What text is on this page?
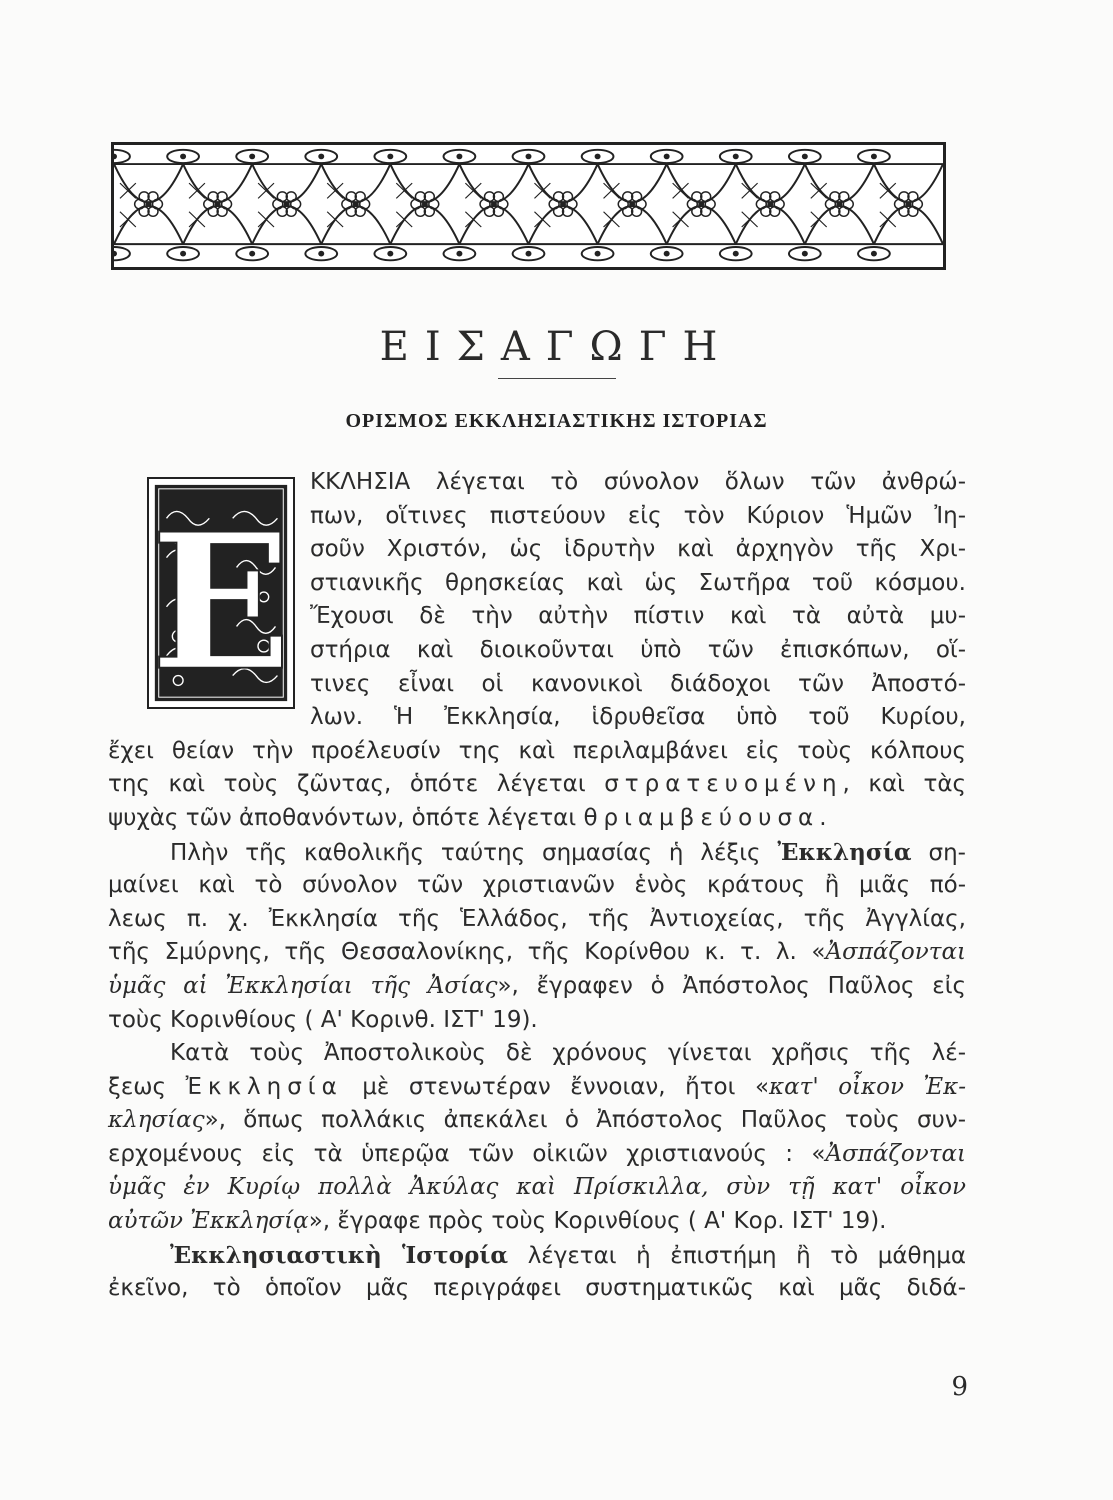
ΕΙΣΑΓΩΓΗ
ΟΡΙΣΜΟΣ ΕΚΚΛΗΣΙΑΣΤΙΚΗΣ ΙΣΤΟΡΙΑΣ
Ε
ΚΚΛΗΣΙΑ λέγεται τὸ σύνολον ὅλων τῶν ἀνθρώ-
πων, οἵτινες πιστεύουν εἰς τὸν Κύριον Ἡμῶν Ἰη-
σοῦν Χριστόν, ὡς ἱδρυτὴν καὶ ἀρχηγὸν τῆς Χρι-
στιανικῆς θρησκείας καὶ ὡς Σωτῆρα τοῦ κόσμου.
Ἔχουσι δὲ τὴν αὐτὴν πίστιν καὶ τὰ αὐτὰ μυ-
στήρια καὶ διοικοῦνται ὑπὸ τῶν ἐπισκόπων, οἵ-
τινες εἶναι οἱ κανονικοὶ διάδοχοι τῶν Ἀποστό-
λων. Ἡ Ἐκκλησία, ἱδρυθεῖσα ὑπὸ τοῦ Κυρίου,
ἔχει θείαν τὴν προέλευσίν της καὶ περιλαμβάνει εἰς τοὺς κόλπους
της καὶ τοὺς ζῶντας, ὁπότε λέγεται στρατευομένη, καὶ τὰς
ψυχὰς τῶν ἀποθανόντων, ὁπότε λέγεται θριαμβεύουσα.
Πλὴν τῆς καθολικῆς ταύτης σημασίας ἡ λέξις Ἐκκλησία ση-
μαίνει καὶ τὸ σύνολον τῶν χριστιανῶν ἑνὸς κράτους ἢ μιᾶς πό-
λεως π. χ. Ἐκκλησία τῆς Ἑλλάδος, τῆς Ἀντιοχείας, τῆς Ἀγγλίας,
τῆς Σμύρνης, τῆς Θεσσαλονίκης, τῆς Κορίνθου κ. τ. λ. «Ἀσπάζονται
ὑμᾶς αἱ Ἐκκλησίαι τῆς Ἀσίας», ἔγραφεν ὁ Ἀπόστολος Παῦλος εἰς
τοὺς Κορινθίους ( Α' Κορινθ. ΙΣΤ' 19).
Κατὰ τοὺς Ἀποστολικοὺς δὲ χρόνους γίνεται χρῆσις τῆς λέ-
ξεως Ἐκκλησία μὲ στενωτέραν ἔννοιαν, ἤτοι «κατ' οἶκον Ἐκ-
κλησίας», ὅπως πολλάκις ἀπεκάλει ὁ Ἀπόστολος Παῦλος τοὺς συν-
ερχομένους εἰς τὰ ὑπερῷα τῶν οἰκιῶν χριστιανούς : «Ἀσπάζονται
ὑμᾶς ἐν Κυρίῳ πολλὰ Ἀκύλας καὶ Πρίσκιλλα, σὺν τῇ κατ' οἶκον
αὐτῶν Ἐκκλησίᾳ», ἔγραφε πρὸς τοὺς Κορινθίους ( Α' Κορ. ΙΣΤ' 19).
Ἐκκλησιαστικὴ Ἱστορία λέγεται ἡ ἐπιστήμη ἢ τὸ μάθημα
ἐκεῖνο, τὸ ὁποῖον μᾶς περιγράφει συστηματικῶς καὶ μᾶς διδά-
9
